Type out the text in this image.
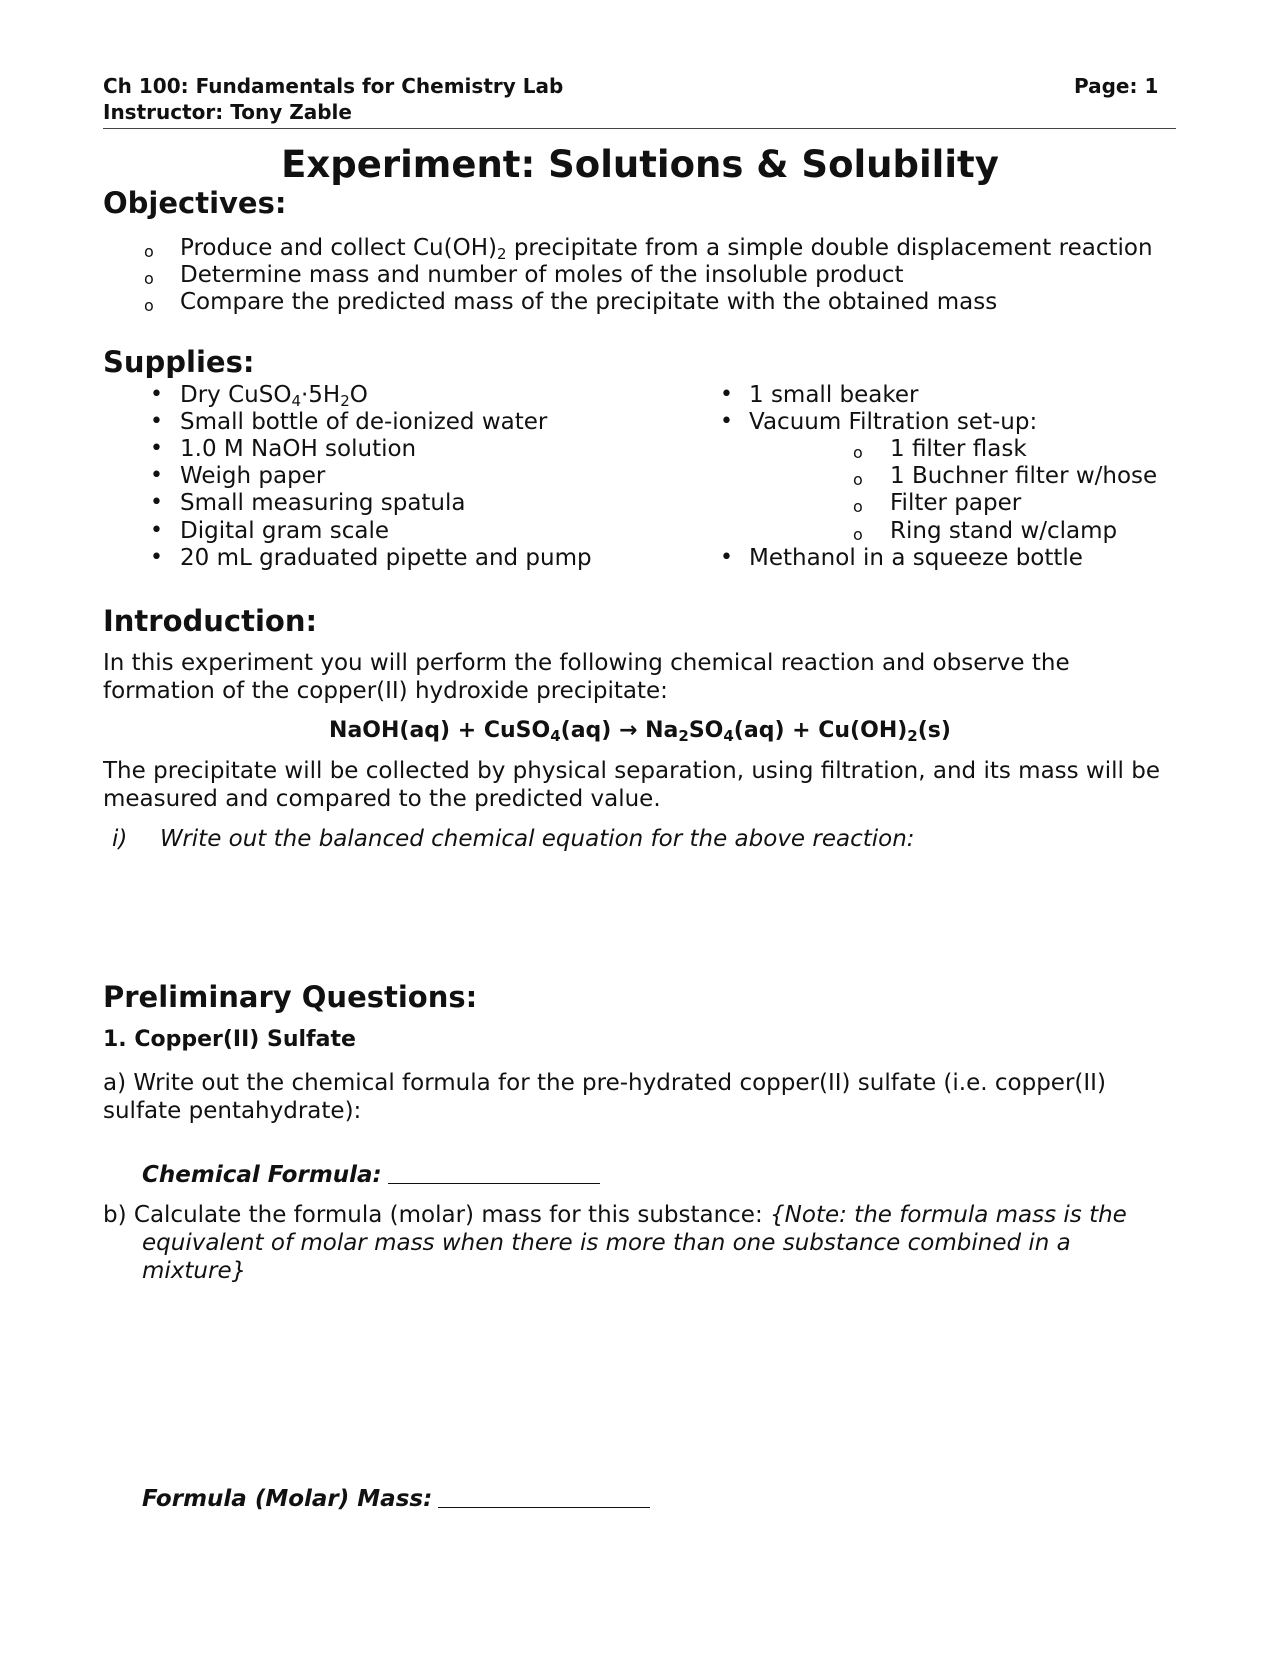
Ch 100: Fundamentals for Chemistry Lab
Instructor: Tony Zable
Page: 1
Experiment: Solutions & Solubility
Objectives:
o Produce and collect $Cu(OH)_2$ precipitate from a simple double displacement reaction
o Determine mass and number of moles of the insoluble product
o Compare the predicted mass of the precipitate with the obtained mass
Supplies:
• Dry $CuSO_4\cdot 5H_2O$
• Small bottle of de-ionized water
• 1.0 M NaOH solution
• Weigh paper
• Small measuring spatula
• Digital gram scale
• 20 mL graduated pipette and pump
• 1 small beaker
• Vacuum Filtration set-up:
o 1 filter flask
o 1 Buchner filter w/hose
o Filter paper
o Ring stand w/clamp
• Methanol in a squeeze bottle
Introduction:
In this experiment you will perform the following chemical reaction and observe the
formation of the copper(II) hydroxide precipitate:
NaOH(aq) + CuSO$_4$(aq) → $Na_2SO_4(aq) + Cu(OH)_2(s)$
The precipitate will be collected by physical separation, using filtration, and its mass will be
measured and compared to the predicted value.
i) Write out the balanced chemical equation for the above reaction:
Preliminary Questions:
1. Copper(II) Sulfate
a) Write out the chemical formula for the pre-hydrated copper(II) sulfate (i.e. copper(II)
sulfate pentahydrate):
Chemical Formula:
b) Calculate the formula (molar) mass for this substance: {Note: the formula mass is the
equivalent of molar mass when there is more than one substance combined in a
mixture}
Formula (Molar) Mass:
